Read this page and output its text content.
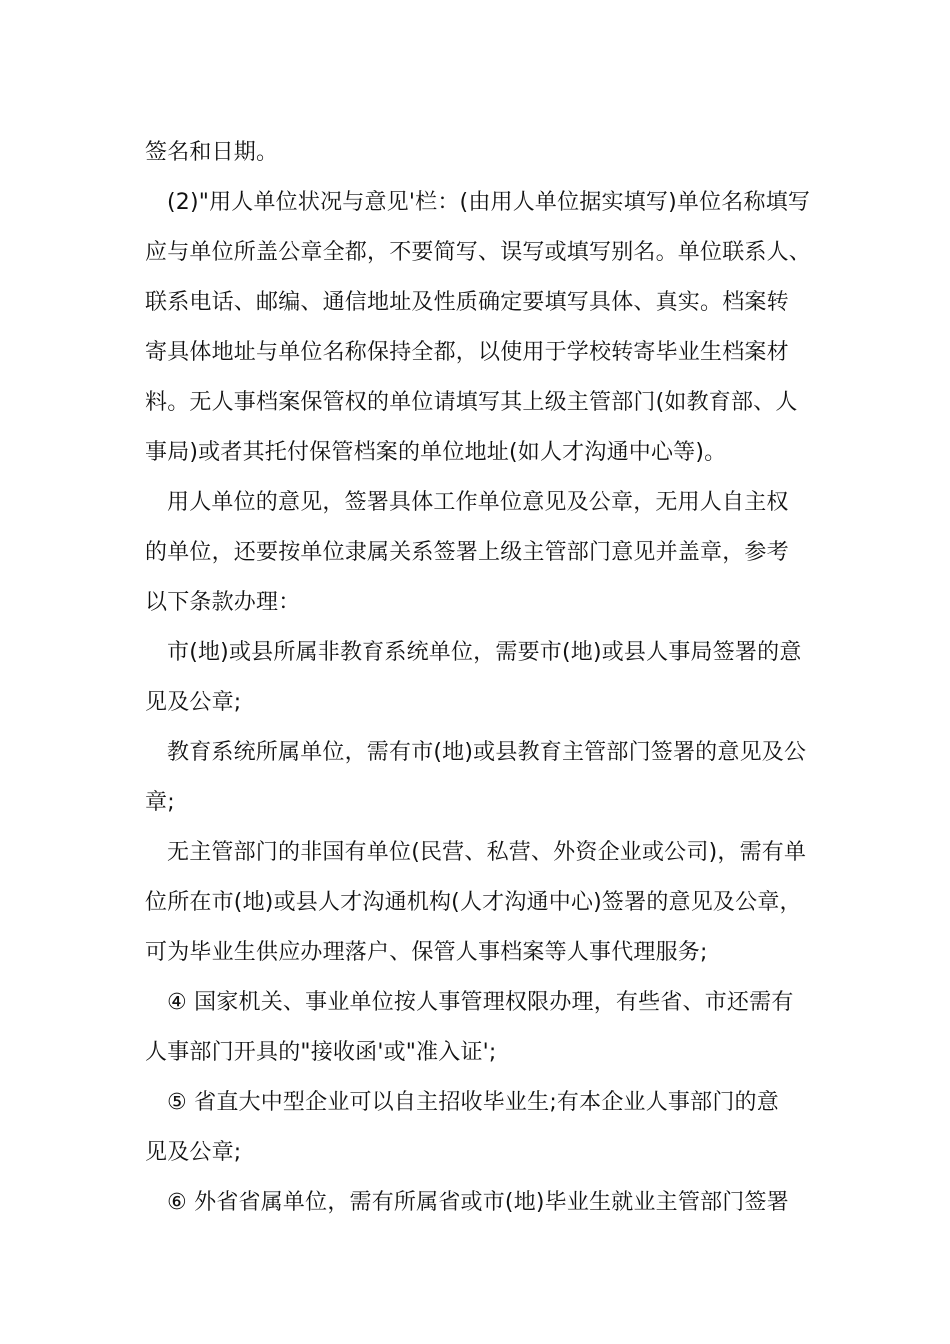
签名和日期。
(2)"用人单位状况与意见'栏：(由用人单位据实填写)单位名称填写
应与单位所盖公章全都，不要简写、误写或填写别名。单位联系人、
联系电话、邮编、通信地址及性质确定要填写具体、真实。档案转
寄具体地址与单位名称保持全都，以使用于学校转寄毕业生档案材
料。无人事档案保管权的单位请填写其上级主管部门(如教育部、人
事局)或者其托付保管档案的单位地址(如人才沟通中心等)。
用人单位的意见，签署具体工作单位意见及公章，无用人自主权
的单位，还要按单位隶属关系签署上级主管部门意见并盖章，参考
以下条款办理：
市(地)或县所属非教育系统单位，需要市(地)或县人事局签署的意
见及公章;
教育系统所属单位，需有市(地)或县教育主管部门签署的意见及公
章;
无主管部门的非国有单位(民营、私营、外资企业或公司)，需有单
位所在市(地)或县人才沟通机构(人才沟通中心)签署的意见及公章，
可为毕业生供应办理落户、保管人事档案等人事代理服务;
④ 国家机关、事业单位按人事管理权限办理，有些省、市还需有
人事部门开具的"接收函'或"准入证';
⑤ 省直大中型企业可以自主招收毕业生;有本企业人事部门的意
见及公章;
⑥ 外省省属单位，需有所属省或市(地)毕业生就业主管部门签署
